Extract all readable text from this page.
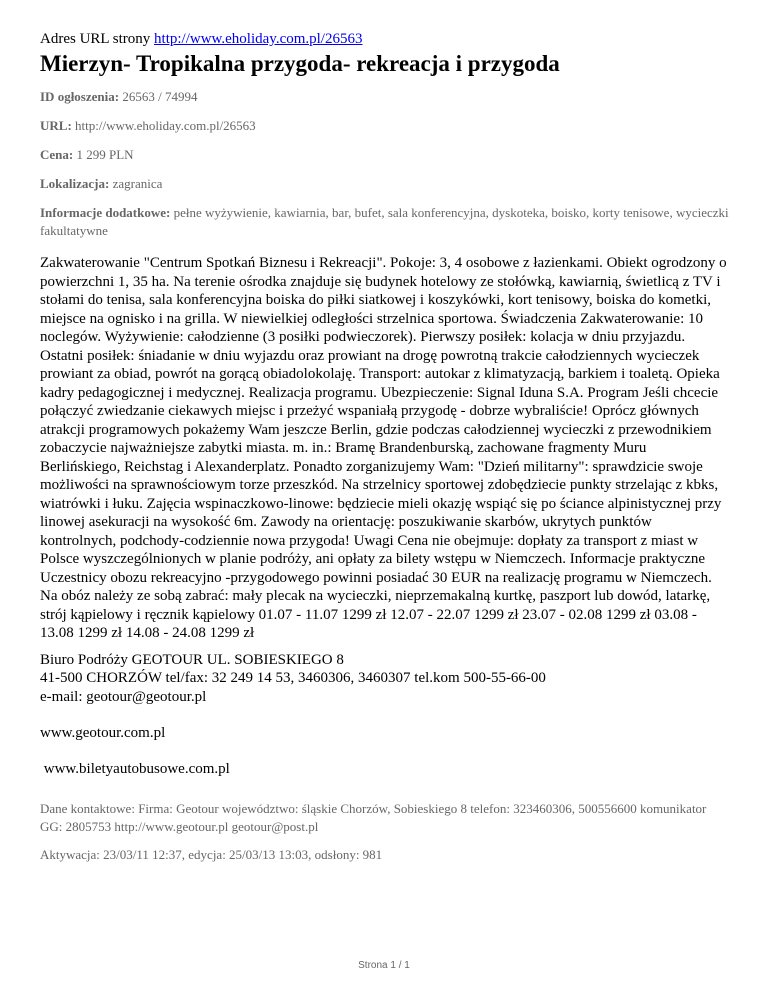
Adres URL strony http://www.eholiday.com.pl/26563

Mierzyn- Tropikalna przygoda- rekreacja i przygoda

ID ogłoszenia: 26563 / 74994

URL: http://www.eholiday.com.pl/26563

Cena: 1 299 PLN

Lokalizacja: zagranica

Informacje dodatkowe: pełne wyżywienie, kawiarnia, bar, bufet, sala konferencyjna, dyskoteka, boisko, korty tenisowe, wycieczki fakultatywne

Zakwaterowanie "Centrum Spotkań Biznesu i Rekreacji". Pokoje: 3, 4 osobowe z łazienkami. Obiekt ogrodzony o powierzchni 1, 35 ha. Na terenie ośrodka znajduje się budynek hotelowy ze stołówką, kawiarnią, świetlicą z TV i stołami do tenisa, sala konferencyjna boiska do piłki siatkowej i koszykówki, kort tenisowy, boiska do kometki, miejsce na ognisko i na grilla. W niewielkiej odległości strzelnica sportowa. Świadczenia Zakwaterowanie: 10 noclegów. Wyżywienie: całodzienne (3 posiłki podwieczorek). Pierwszy posiłek: kolacja w dniu przyjazdu. Ostatni posiłek: śniadanie w dniu wyjazdu oraz prowiant na drogę powrotną trakcie całodziennych wycieczek prowiant za obiad, powrót na gorącą obiadolokolaję. Transport: autokar z klimatyzacją, barkiem i toaletą. Opieka kadry pedagogicznej i medycznej. Realizacja programu. Ubezpieczenie: Signal Iduna S.A. Program Jeśli chcecie połączyć zwiedzanie ciekawych miejsc i przeżyć wspaniałą przygodę - dobrze wybraliście! Oprócz głównych atrakcji programowych pokażemy Wam jeszcze Berlin, gdzie podczas całodziennej wycieczki z przewodnikiem zobaczycie najważniejsze zabytki miasta. m. in.: Bramę Brandenburską, zachowane fragmenty Muru Berlińskiego, Reichstag i Alexanderplatz. Ponadto zorganizujemy Wam: "Dzień militarny": sprawdzicie swoje możliwości na sprawnościowym torze przeszkód. Na strzelnicy sportowej zdobędziecie punkty strzelając z kbks, wiatrówki i łuku. Zajęcia wspinaczkowo-linowe: będziecie mieli okazję wspiąć się po ściance alpinistycznej przy linowej asekuracji na wysokość 6m. Zawody na orientację: poszukiwanie skarbów, ukrytych punktów kontrolnych, podchody-codziennie nowa przygoda! Uwagi Cena nie obejmuje: dopłaty za transport z miast w Polsce wyszczególnionych w planie podróży, ani opłaty za bilety wstępu w Niemczech. Informacje praktyczne Uczestnicy obozu rekreacyjno -przygodowego powinni posiadać 30 EUR na realizację programu w Niemczech. Na obóz należy ze sobą zabrać: mały plecak na wycieczki, nieprzemakalną kurtkę, paszport lub dowód, latarkę, strój kąpielowy i ręcznik kąpielowy 01.07 - 11.07 1299 zł 12.07 - 22.07 1299 zł 23.07 - 02.08 1299 zł 03.08 - 13.08 1299 zł 14.08 - 24.08 1299 zł

Biuro Podróży GEOTOUR UL. SOBIESKIEGO 8
41-500 CHORZÓW tel/fax: 32 249 14 53, 3460306, 3460307 tel.kom 500-55-66-00
e-mail: geotour@geotour.pl
www.geotour.com.pl
www.biletyautobusowe.com.pl
Dane kontaktowe: Firma: Geotour województwo: śląskie Chorzów, Sobieskiego 8 telefon: 323460306, 500556600 komunikator GG: 2805753 http://www.geotour.pl geotour@post.pl
Aktywacja: 23/03/11 12:37, edycja: 25/03/13 13:03, odsłony: 981
Strona 1 / 1
